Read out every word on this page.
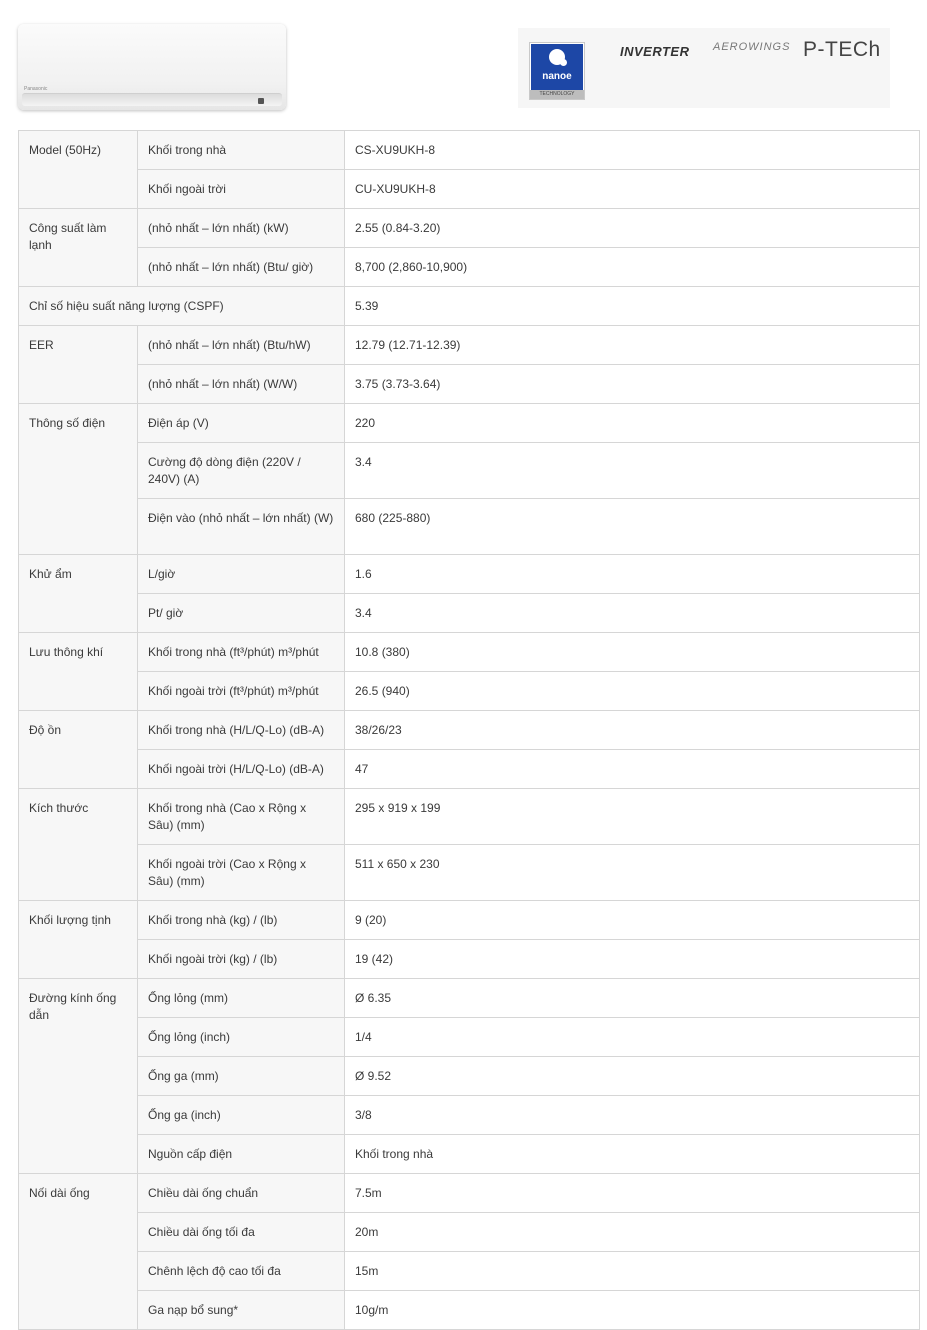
Panasonic
nanoe
TECHNOLOGY
INVERTER AEROWINGS P-TECh
Model (50Hz)	Khối trong nhà	CS-XU9UKH-8
	Khối ngoài trời	CU-XU9UKH-8
Công suất làm lạnh	(nhỏ nhất – lớn nhất) (kW)	2.55 (0.84-3.20)
	(nhỏ nhất – lớn nhất) (Btu/ giờ)	8,700 (2,860-10,900)
Chỉ số hiệu suất năng lượng (CSPF)		5.39
EER	(nhỏ nhất – lớn nhất) (Btu/hW)	12.79 (12.71-12.39)
	(nhỏ nhất – lớn nhất) (W/W)	3.75 (3.73-3.64)
Thông số điện	Điện áp (V)	220
	Cường độ dòng điện (220V / 240V) (A)	3.4
	Điện vào (nhỏ nhất – lớn nhất) (W)	680 (225-880)
Khử ẩm	L/giờ	1.6
	Pt/ giờ	3.4
Lưu thông khí	Khối trong nhà (ft³/phút) m³/phút	10.8 (380)
	Khối ngoài trời (ft³/phút) m³/phút	26.5 (940)
Độ ồn	Khối trong nhà (H/L/Q-Lo) (dB-A)	38/26/23
	Khối ngoài trời (H/L/Q-Lo) (dB-A)	47
Kích thước	Khối trong nhà (Cao x Rộng x Sâu) (mm)	295 x 919 x 199
	Khối ngoài trời (Cao x Rộng x Sâu) (mm)	511 x 650 x 230
Khối lượng tịnh	Khối trong nhà (kg) / (lb)	9 (20)
	Khối ngoài trời (kg) / (lb)	19 (42)
Đường kính ống dẫn	Ống lỏng (mm)	Ø 6.35
	Ống lỏng (inch)	1/4
	Ống ga (mm)	Ø 9.52
	Ống ga (inch)	3/8
	Nguồn cấp điện	Khối trong nhà
Nối dài ống	Chiều dài ống chuẩn	7.5m
	Chiều dài ống tối đa	20m
	Chênh lệch độ cao tối đa	15m
	Ga nạp bổ sung*	10g/m
